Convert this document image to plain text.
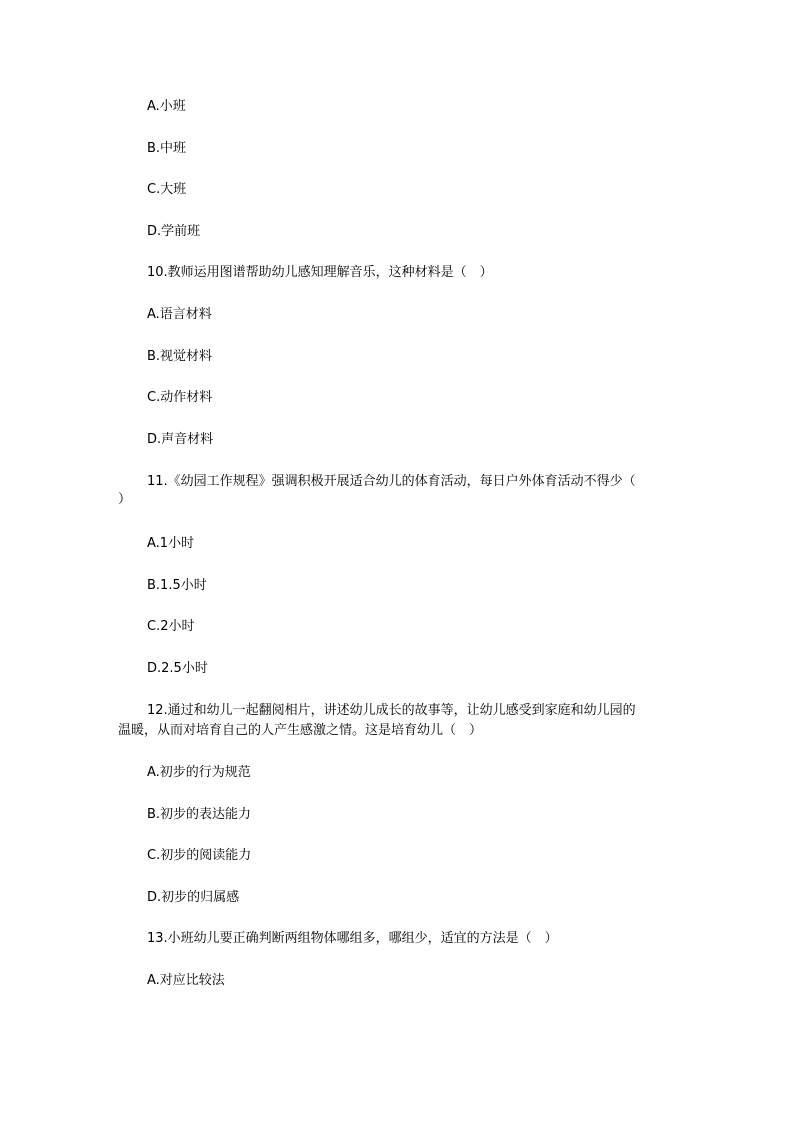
A.小班
B.中班
C.大班
D.学前班
10.教师运用图谱帮助幼儿感知理解音乐，这种材料是（　）
A.语言材料
B.视觉材料
C.动作材料
D.声音材料
11.《幼园工作规程》强调积极开展适合幼儿的体育活动，每日户外体育活动不得少（
）
A.1小时
B.1.5小时
C.2小时
D.2.5小时
12.通过和幼儿一起翻阅相片，讲述幼儿成长的故事等，让幼儿感受到家庭和幼儿园的
温暖，从而对培育自己的人产生感激之情。这是培育幼儿（　）
A.初步的行为规范
B.初步的表达能力
C.初步的阅读能力
D.初步的归属感
13.小班幼儿要正确判断两组物体哪组多，哪组少，适宜的方法是（　）
A.对应比较法
